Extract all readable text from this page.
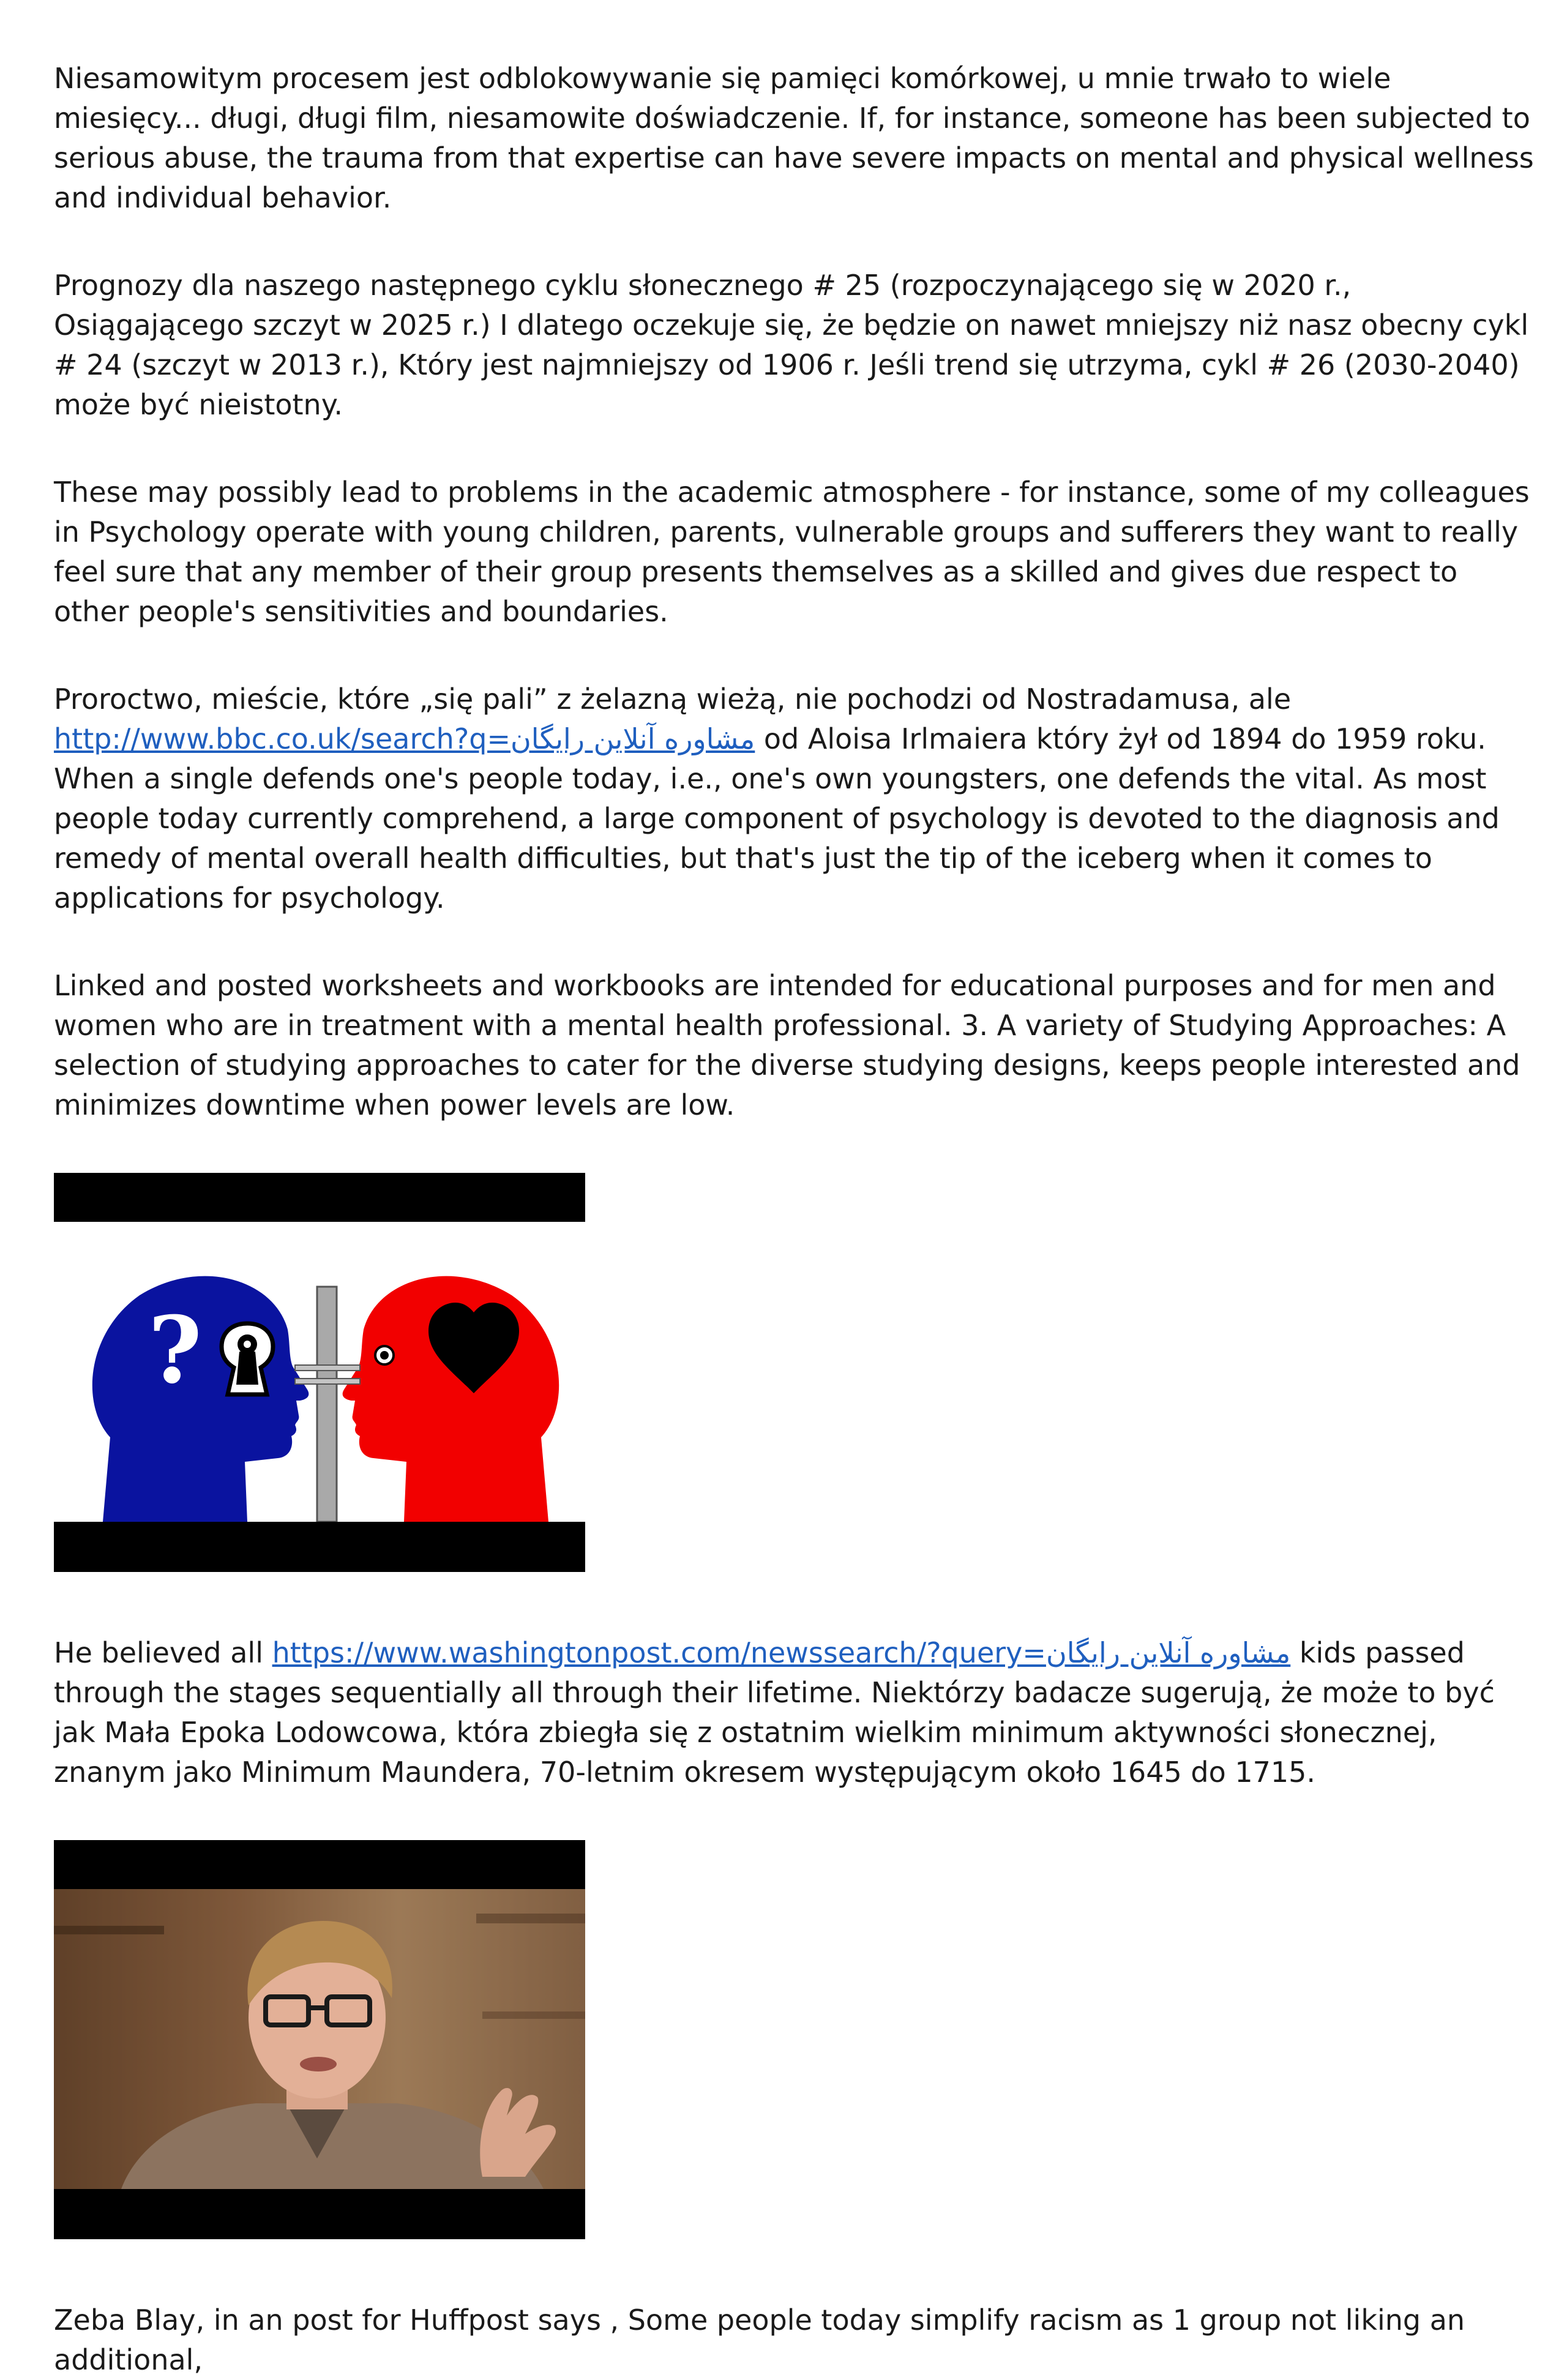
Niesamowitym procesem jest odblokowywanie się pamięci komórkowej, u mnie trwało to wiele miesięcy... długi, długi film, niesamowite doświadczenie. If, for instance, someone has been subjected to serious abuse, the trauma from that expertise can have severe impacts on mental and physical wellness and individual behavior.

Prognozy dla naszego następnego cyklu słonecznego # 25 (rozpoczynającego się w 2020 r., Osiągającego szczyt w 2025 r.) I dlatego oczekuje się, że będzie on nawet mniejszy niż nasz obecny cykl # 24 (szczyt w 2013 r.), Który jest najmniejszy od 1906 r. Jeśli trend się utrzyma, cykl # 26 (2030-2040) może być nieistotny.

These may possibly lead to problems in the academic atmosphere - for instance, some of my colleagues in Psychology operate with young children, parents, vulnerable groups and sufferers they want to really feel sure that any member of their group presents themselves as a skilled and gives due respect to other people's sensitivities and boundaries.

Proroctwo, mieście, które „się pali” z żelazną wieżą, nie pochodzi od Nostradamusa, ale http://www.bbc.co.uk/search?q=مشاوره آنلاین رایگان od Aloisa Irlmaiera który żył od 1894 do 1959 roku. When a single defends one's people today, i.e., one's own youngsters, one defends the vital. As most people today currently comprehend, a large component of psychology is devoted to the diagnosis and remedy of mental overall health difficulties, but that's just the tip of the iceberg when it comes to applications for psychology.

Linked and posted worksheets and workbooks are intended for educational purposes and for men and women who are in treatment with a mental health professional. 3. A variety of Studying Approaches: A selection of studying approaches to cater for the diverse studying designs, keeps people interested and minimizes downtime when power levels are low.

?

He believed all https://www.washingtonpost.com/newssearch/?query=مشاوره آنلاین رایگان kids passed through the stages sequentially all through their lifetime. Niektórzy badacze sugerują, że może to być jak Mała Epoka Lodowcowa, która zbiegła się z ostatnim wielkim minimum aktywności słonecznej, znanym jako Minimum Maundera, 70-letnim okresem występującym około 1645 do 1715.

Zeba Blay, in an post for Huffpost says , Some people today simplify racism as 1 group not liking an additional,
